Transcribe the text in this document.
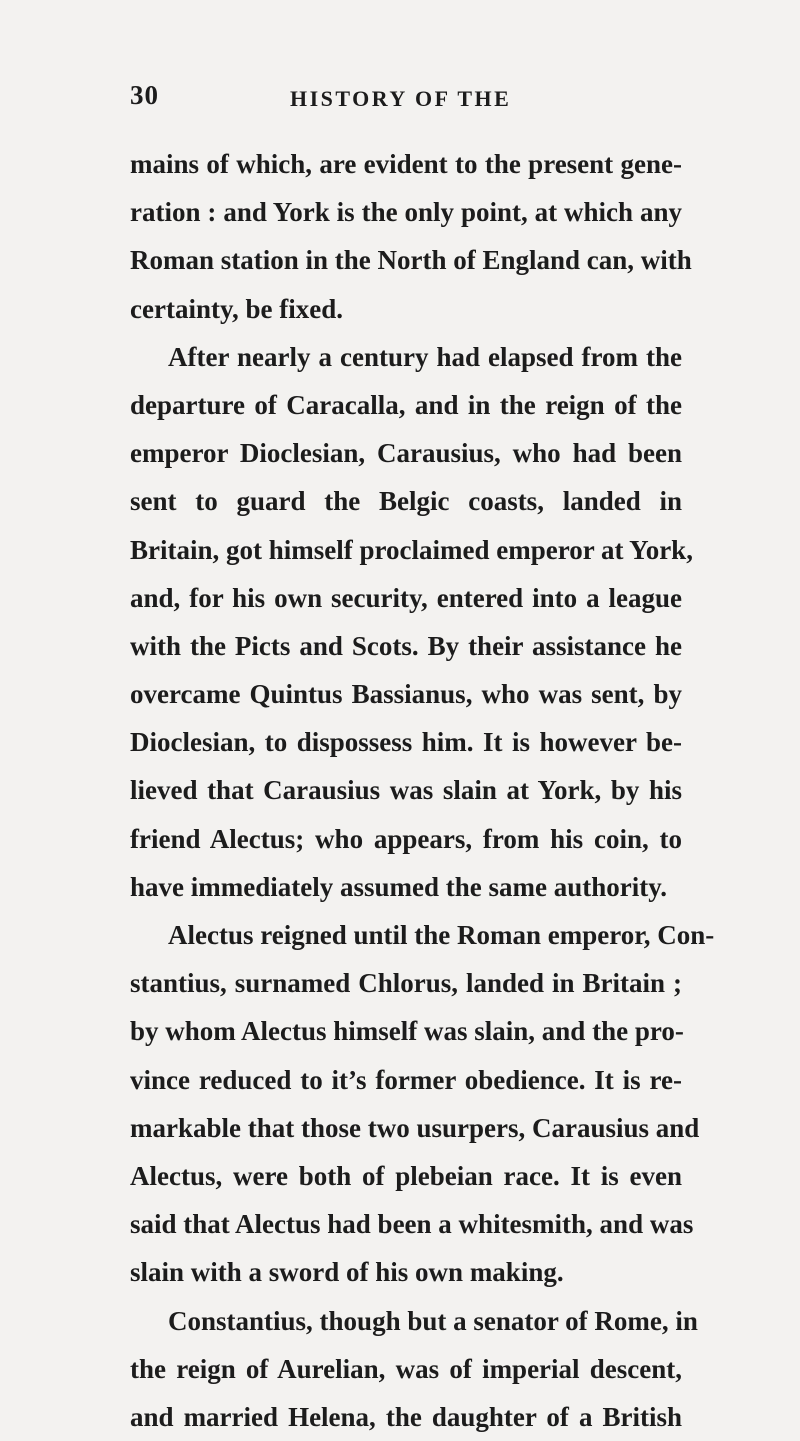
30	HISTORY OF THE
mains of which, are evident to the present gene-
ration : and York is the only point, at which any
Roman station in the North of England can, with
certainty, be fixed.
After nearly a century had elapsed from the
departure of Caracalla, and in the reign of the
emperor Dioclesian, Carausius, who had been
sent to guard the Belgic coasts, landed in
Britain, got himself proclaimed emperor at York,
and, for his own security, entered into a league
with the Picts and Scots. By their assistance he
overcame Quintus Bassianus, who was sent, by
Dioclesian, to dispossess him. It is however be-
lieved that Carausius was slain at York, by his
friend Alectus; who appears, from his coin, to
have immediately assumed the same authority.
Alectus reigned until the Roman emperor, Con-
stantius, surnamed Chlorus, landed in Britain ;
by whom Alectus himself was slain, and the pro-
vince reduced to it’s former obedience. It is re-
markable that those two usurpers, Carausius and
Alectus, were both of plebeian race. It is even
said that Alectus had been a whitesmith, and was
slain with a sword of his own making.
Constantius, though but a senator of Rome, in
the reign of Aurelian, was of imperial descent,
and married Helena, the daughter of a British
